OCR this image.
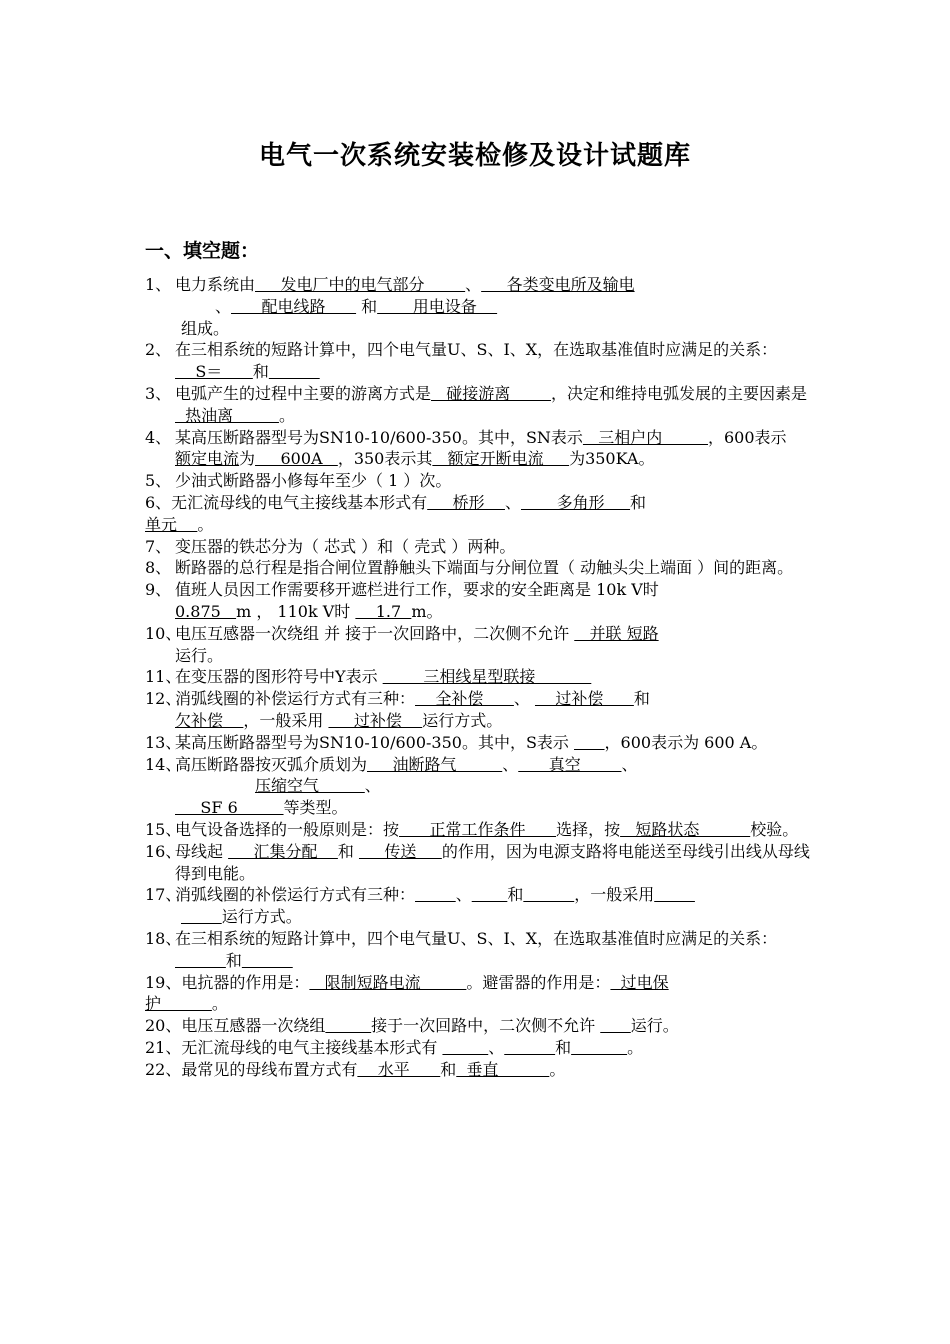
电气一次系统安装检修及设计试题库
一、填空题：
1、 电力系统由     发电厂中的电气部分        、     各类变电所及输电
、      配电线路       和       用电设备
组成。
2、 在三相系统的短路计算中，四个电气量U、S、I、X，在选取基准值时应满足的关系：    S＝      和
3、 电弧产生的过程中主要的游离方式是   碰接游离        ，决定和维持电弧发展的主要因素是  热油离         。
4、 某高压断路器型号为SN10-10/600-350。其中，SN表示   三相户内         ，600表示额定电流为     600A   ，350表示其   额定开断电流     为350KA。
5、 少油式断路器小修每年至少（ 1 ）次。
6、无汇流母线的电气主接线基本形式有     桥形    、       多角形     和
单元    。
7、 变压器的铁芯分为（ 芯式 ）和（ 壳式 ）两种。
8、 断路器的总行程是指合闸位置静触头下端面与分闸位置（ 动触头尖上端面 ）间的距离。
9、 值班人员因工作需要移开遮栏进行工作，要求的安全距离是 10k V时
0.875   m ， 110k V时     1.7  m。
10、
电压互感器一次绕组 并 接于一次回路中，二次侧不允许    并联 短路
运行。
11、
在变压器的图形符号中Y表示         三相线星型联接
12、
消弧线圈的补偿运行方式有三种：    全补偿      、     过补偿      和
欠补偿    ，一般采用      过补偿    运行方式。
13、
某高压断路器型号为SN10-10/600-350。其中，S表示       ，600表示为 600 A。
14、
高压断路器按灭弧介质划为     油断路气         、      真空        、
压缩空气         、
SF 6         等类型。
15、
电气设备选择的一般原则是：按      正常工作条件      选择，按   短路状态          校验。
16、
母线起      汇集分配    和      传送     的作用，因为电源支路将电能送至母线引出线从母线得到电能。
17、
消弧线圈的补偿运行方式有三种：	、 和	，一般采用
运行方式。
18、
在三相系统的短路计算中，四个电气量U、S、I、X，在选取基准值时应满足的关系：          和
19、电抗器的作用是：   限制短路电流         。避雷器的作用是：  过电保
护          。
20、电压互感器一次绕组	接于一次回路中，二次侧不允许       运行。
21、无汇流母线的电气主接线基本形式有	、	和	。
22、最常见的母线布置方式有    水平      和  垂直          。
